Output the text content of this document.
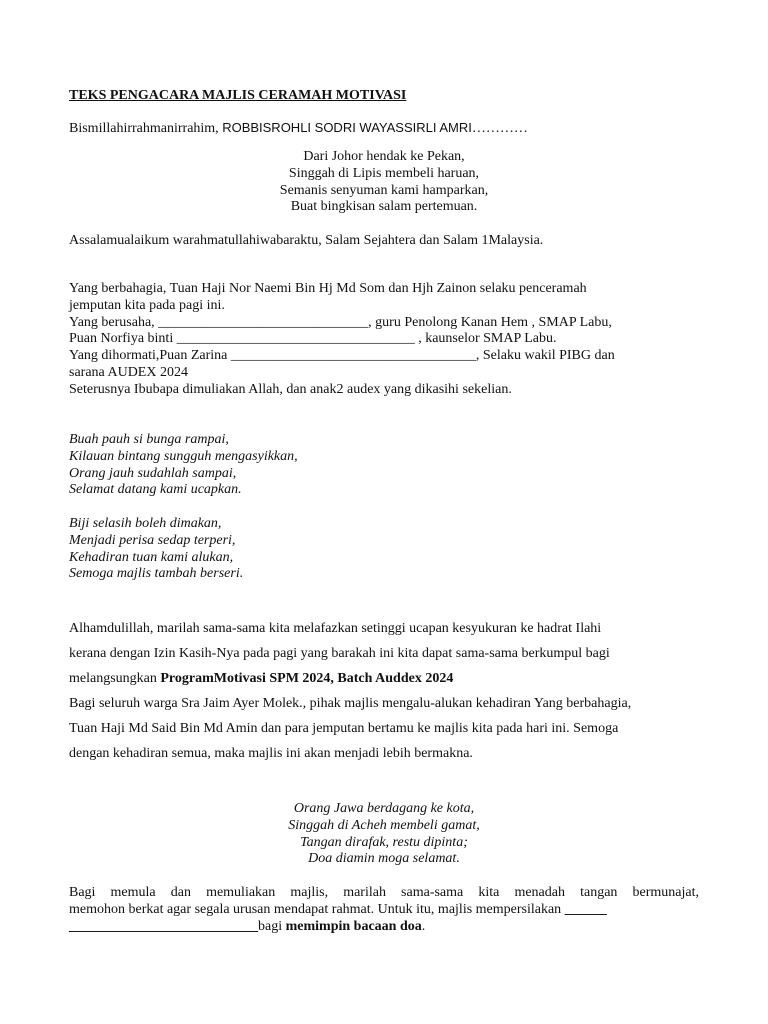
TEKS PENGACARA MAJLIS CERAMAH MOTIVASI
Bismillahirrahmanirrahim, ROBBISROHLI SODRI WAYASSIRLI AMRI…………
Dari Johor hendak ke Pekan,
Singgah di Lipis membeli haruan,
Semanis senyuman kami hamparkan,
Buat bingkisan salam pertemuan.
Assalamualaikum warahmatullahiwabaraktu, Salam Sejahtera dan Salam 1Malaysia.
Yang berbahagia, Tuan Haji Nor Naemi Bin Hj Md Som dan Hjh Zainon selaku penceramah
jemputan kita pada pagi ini.
Yang berusaha, ______________________________, guru Penolong Kanan Hem , SMAP Labu,
Puan Norfiya binti __________________________________ , kaunselor SMAP Labu.
Yang dihormati,Puan Zarina ___________________________________, Selaku wakil PIBG dan
sarana AUDEX 2024
Seterusnya Ibubapa dimuliakan Allah, dan anak2 audex yang dikasihi sekelian.
Buah pauh si bunga rampai,
Kilauan bintang sungguh mengasyikkan,
Orang jauh sudahlah sampai,
Selamat datang kami ucapkan.
Biji selasih boleh dimakan,
Menjadi perisa sedap terperi,
Kehadiran tuan kami alukan,
Semoga majlis tambah berseri.
Alhamdulillah, marilah sama-sama kita melafazkan setinggi ucapan kesyukuran ke hadrat Ilahi
kerana dengan Izin Kasih-Nya pada pagi yang barakah ini kita dapat sama-sama berkumpul bagi
melangsungkan ProgramMotivasi SPM 2024, Batch Auddex 2024
Bagi seluruh warga Sra Jaim Ayer Molek., pihak majlis mengalu-alukan kehadiran Yang berbahagia,
Tuan Haji Md Said Bin Md Amin dan para jemputan bertamu ke majlis kita pada hari ini. Semoga
dengan kehadiran semua, maka majlis ini akan menjadi lebih bermakna.
Orang Jawa berdagang ke kota,
Singgah di Acheh membeli gamat,
Tangan dirafak, restu dipinta;
Doa diamin moga selamat.
Bagi memula dan memuliakan majlis, marilah sama-sama kita menadah tangan bermunajat,
memohon berkat agar segala urusan mendapat rahmat. Untuk itu, majlis mempersilakan ______
___________________________bagi memimpin bacaan doa.
